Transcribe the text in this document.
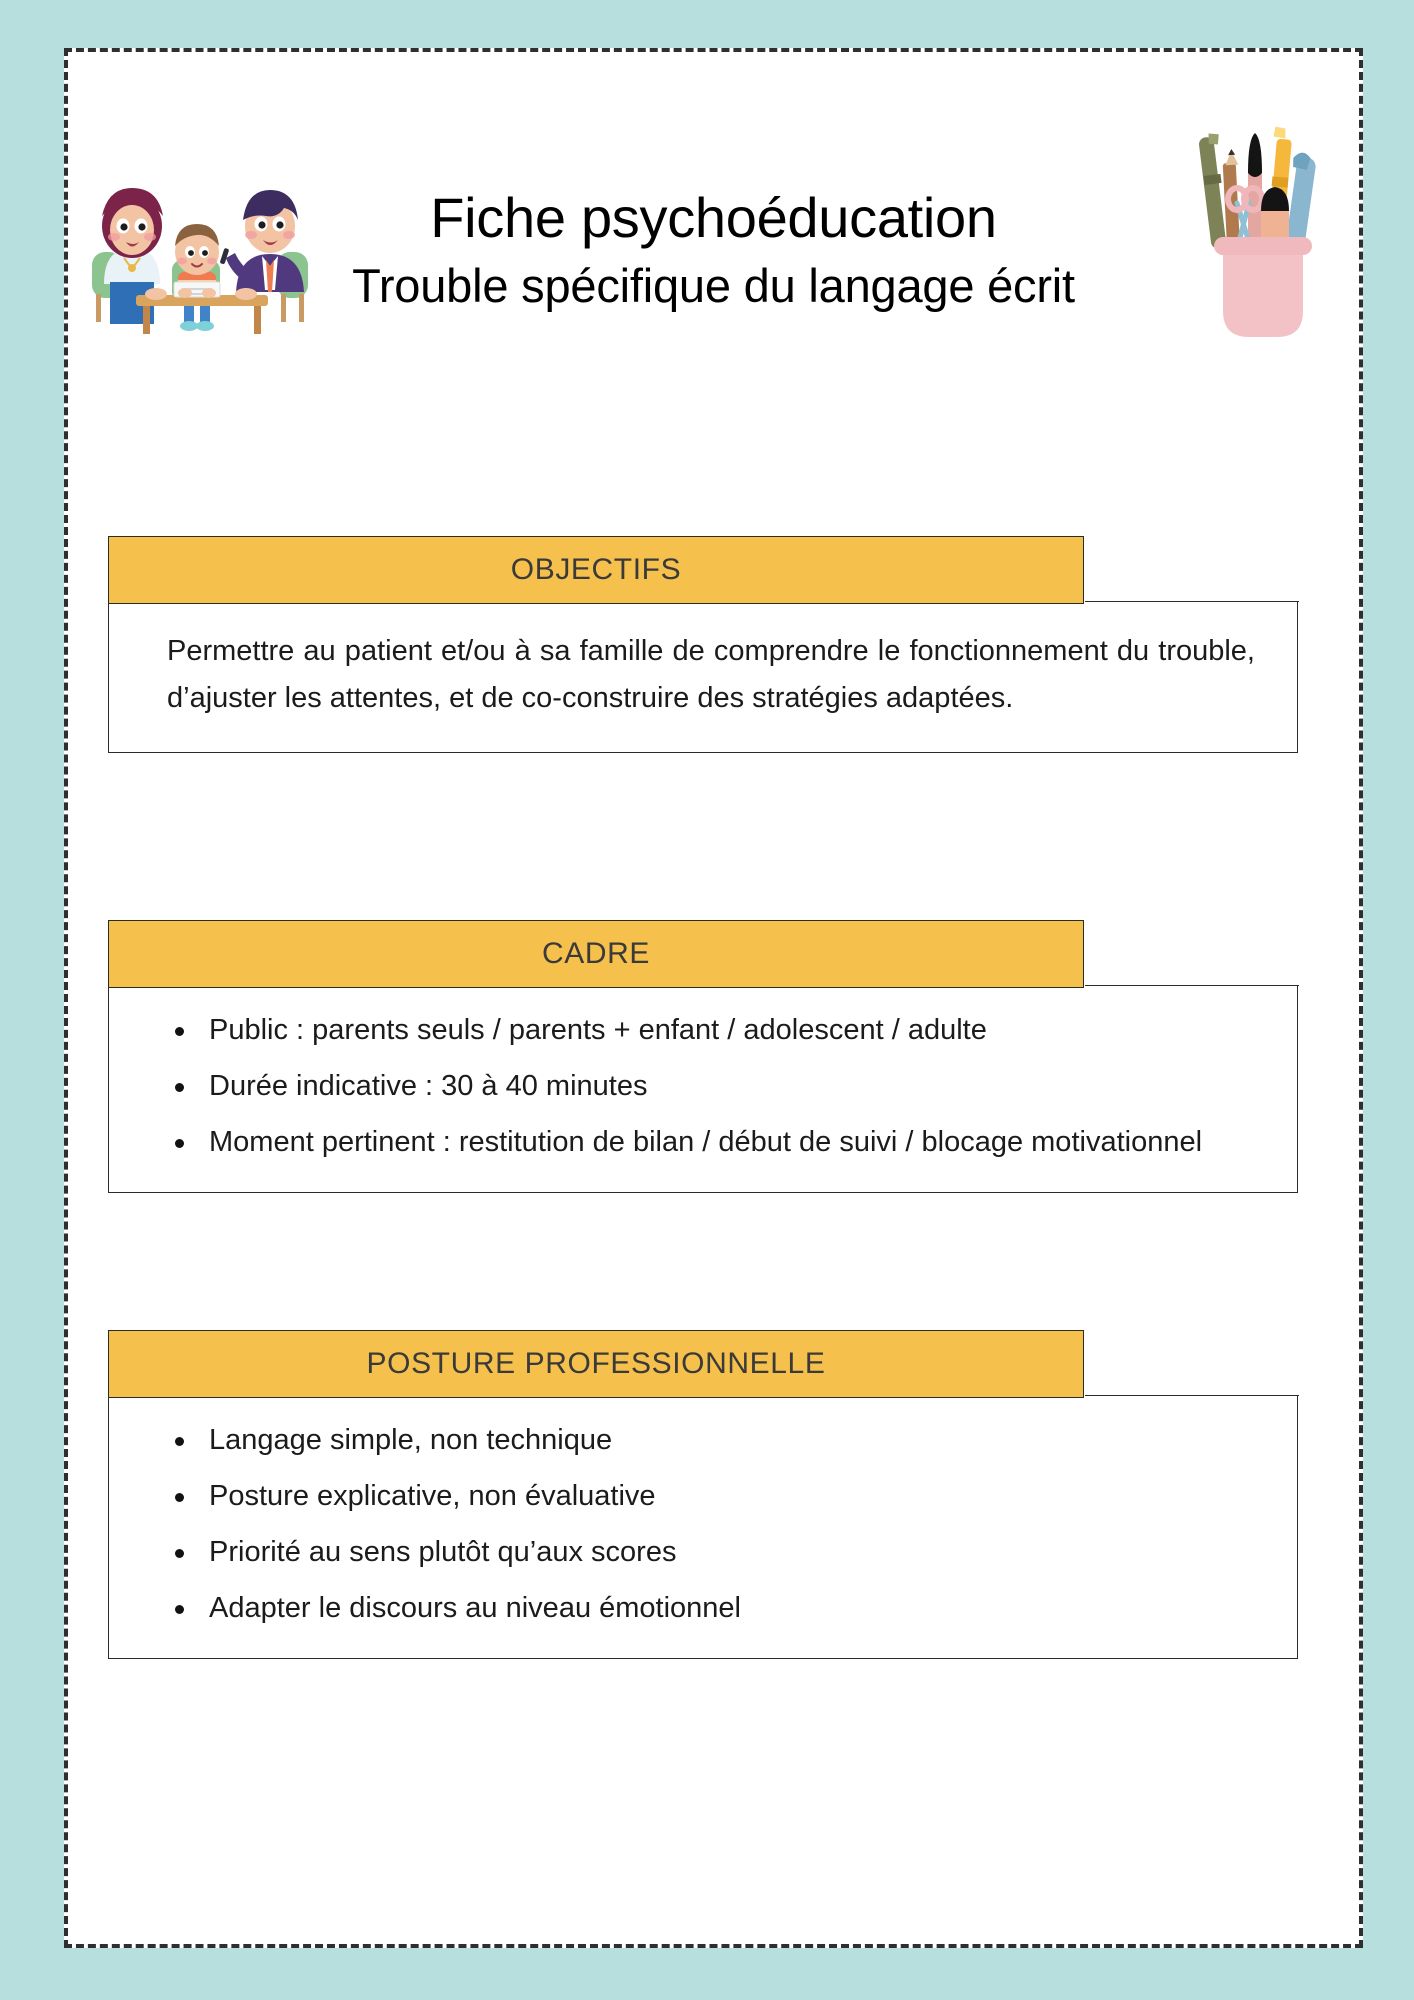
Fiche psychoéducation
Trouble spécifique du langage écrit
OBJECTIFS

Permettre au patient et/ou à sa famille de comprendre le fonctionnement du trouble, d’ajuster les attentes, et de co-construire des stratégies adaptées.

CADRE
Public : parents seuls / parents + enfant / adolescent / adulte
Durée indicative : 30 à 40 minutes
Moment pertinent : restitution de bilan / début de suivi / blocage motivationnel
POSTURE PROFESSIONNELLE
Langage simple, non technique
Posture explicative, non évaluative
Priorité au sens plutôt qu’aux scores
Adapter le discours au niveau émotionnel
